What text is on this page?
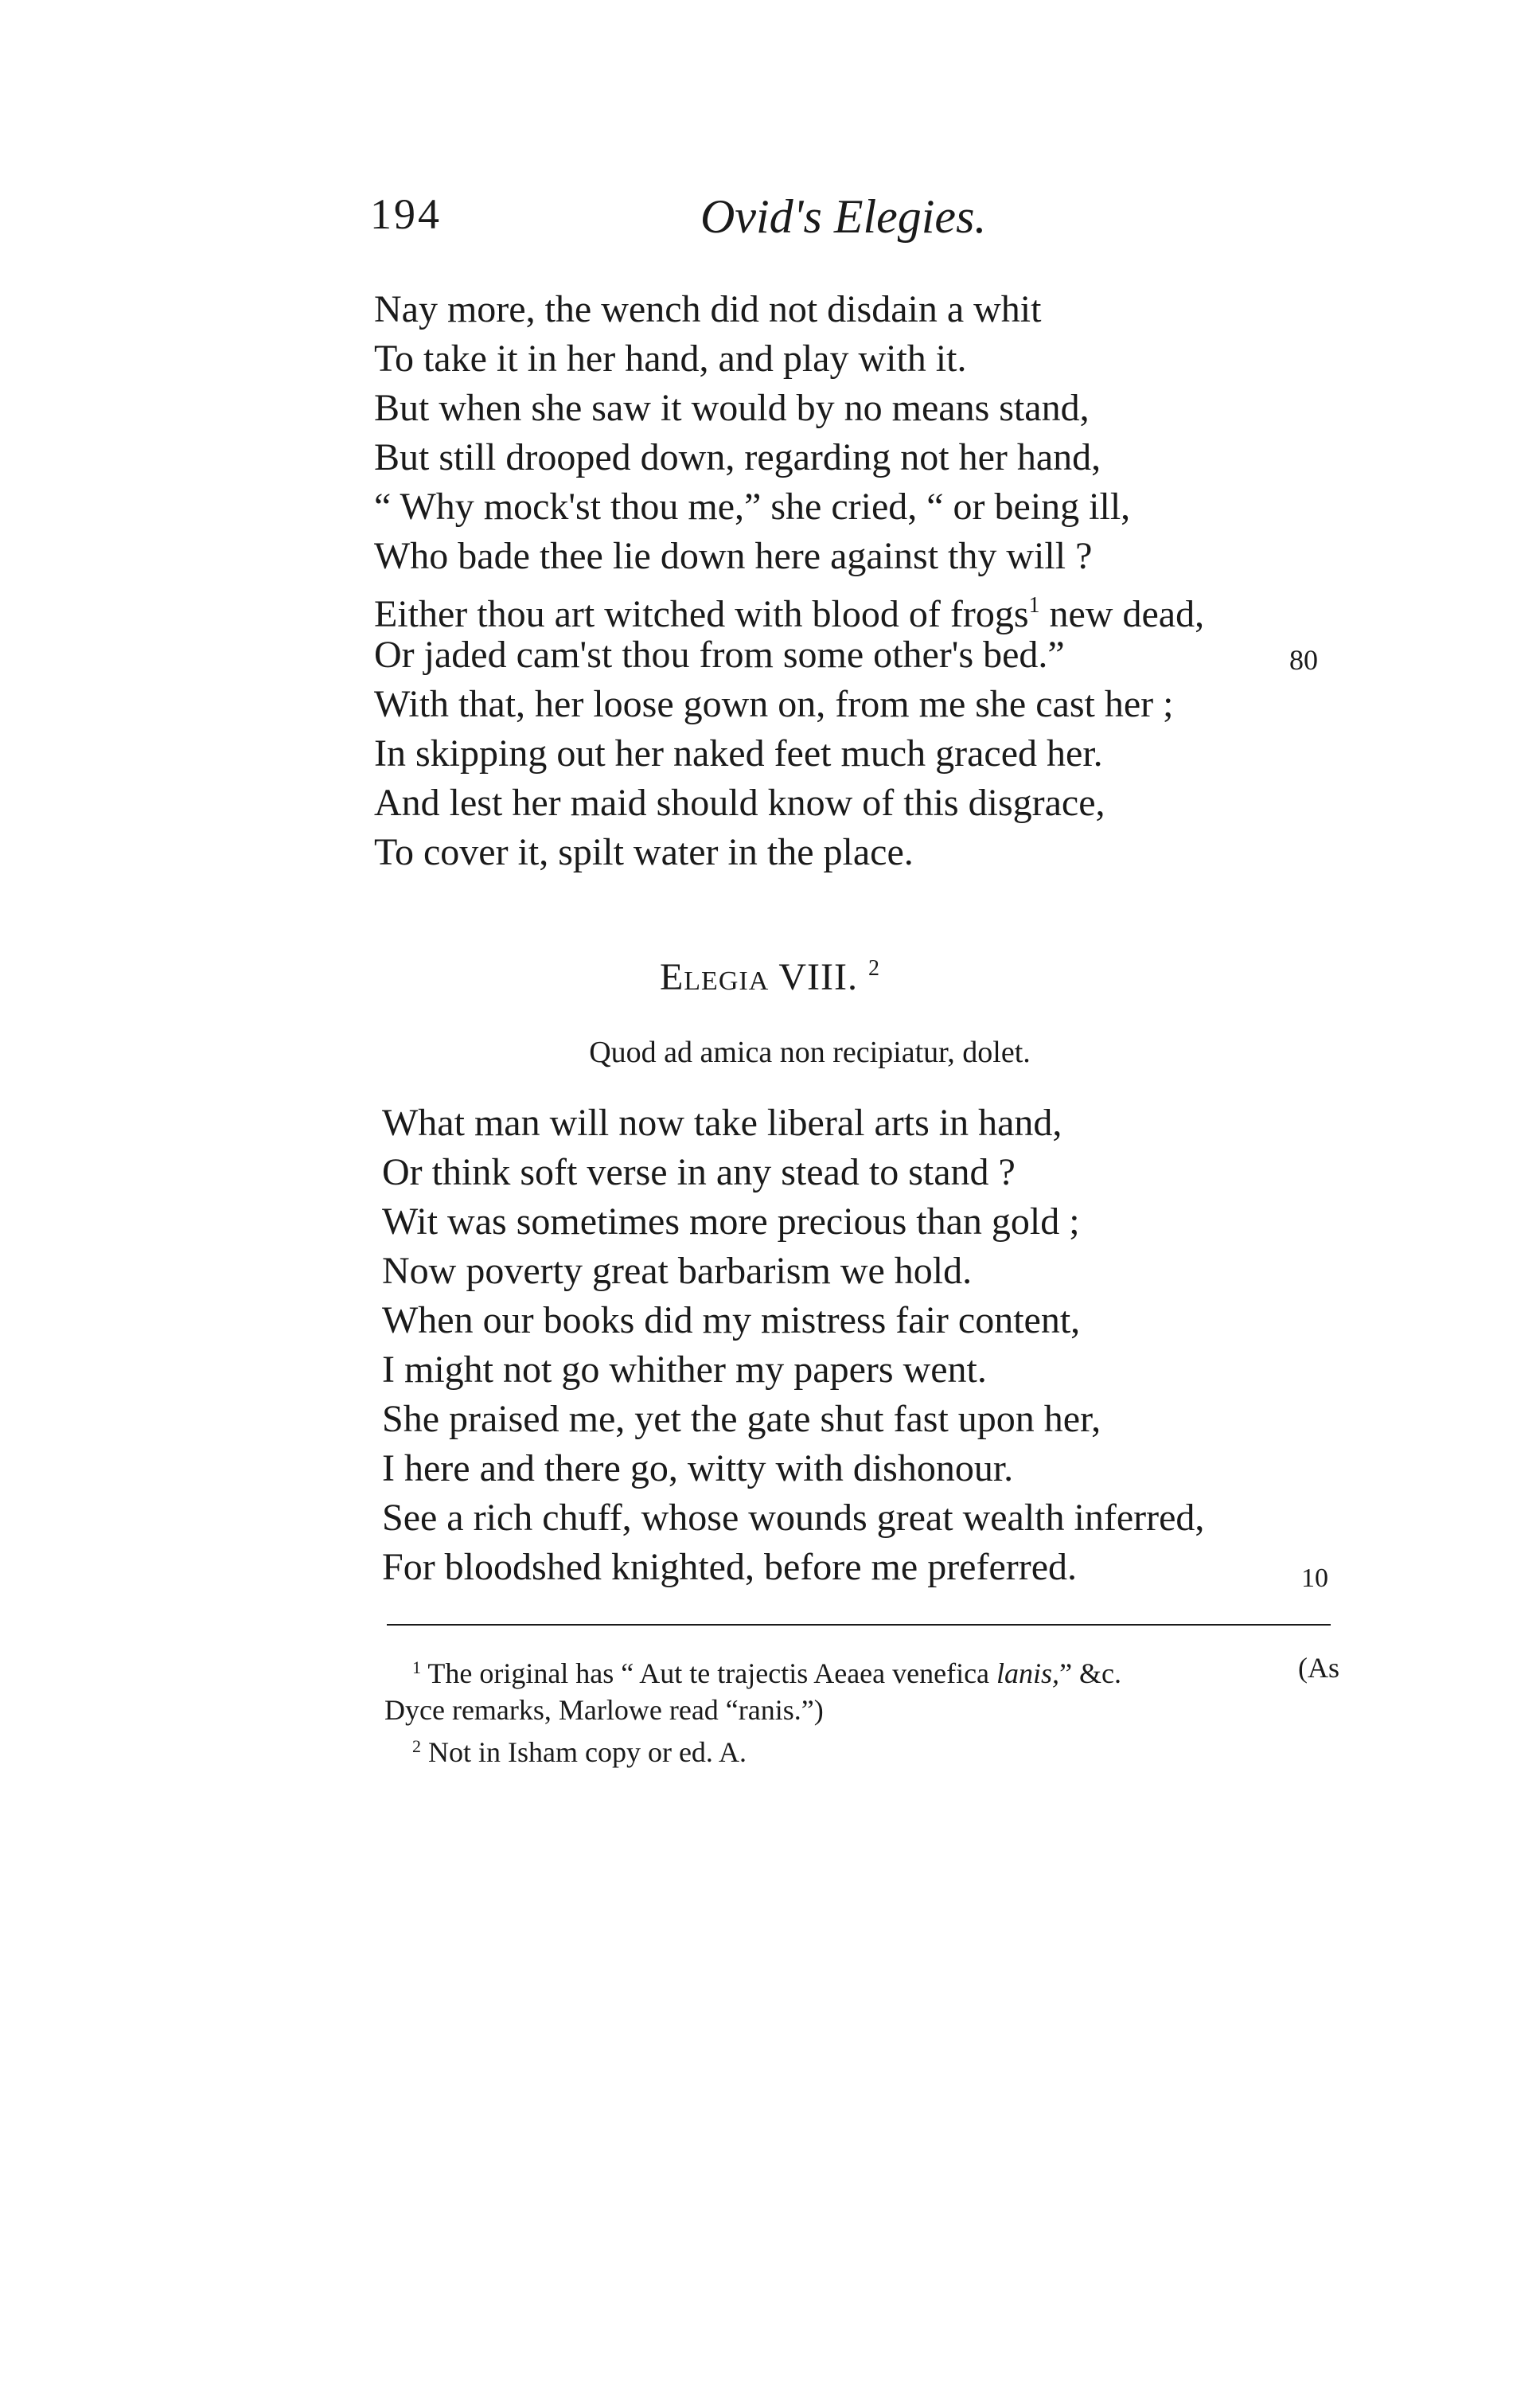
194	Ovid's Elegies.
Nay more, the wench did not disdain a whit
To take it in her hand, and play with it.
But when she saw it would by no means stand,
But still drooped down, regarding not her hand,
“ Why mock'st thou me,” she cried, “ or being ill,
Who bade thee lie down here against thy will ?
Either thou art witched with blood of frogs$^1$ new dead,
Or jaded cam'st thou from some other's bed.”	80
With that, her loose gown on, from me she cast her ;
In skipping out her naked feet much graced her.
And lest her maid should know of this disgrace,
To cover it, spilt water in the place.
Elegia VIII. $^2$
Quod ad amica non recipiatur, dolet.
What man will now take liberal arts in hand,
Or think soft verse in any stead to stand ?
Wit was sometimes more precious than gold ;
Now poverty great barbarism we hold.
When our books did my mistress fair content,
I might not go whither my papers went.
She praised me, yet the gate shut fast upon her,
I here and there go, witty with dishonour.
See a rich chuff, whose wounds great wealth inferred,
For bloodshed knighted, before me preferred.	10

$^1$ The original has “ Aut te trajectis Aeaea venefica lanis,” &c.	(As

Dyce remarks, Marlowe read “ranis.”)

$^2$ Not in Isham copy or ed. A.
